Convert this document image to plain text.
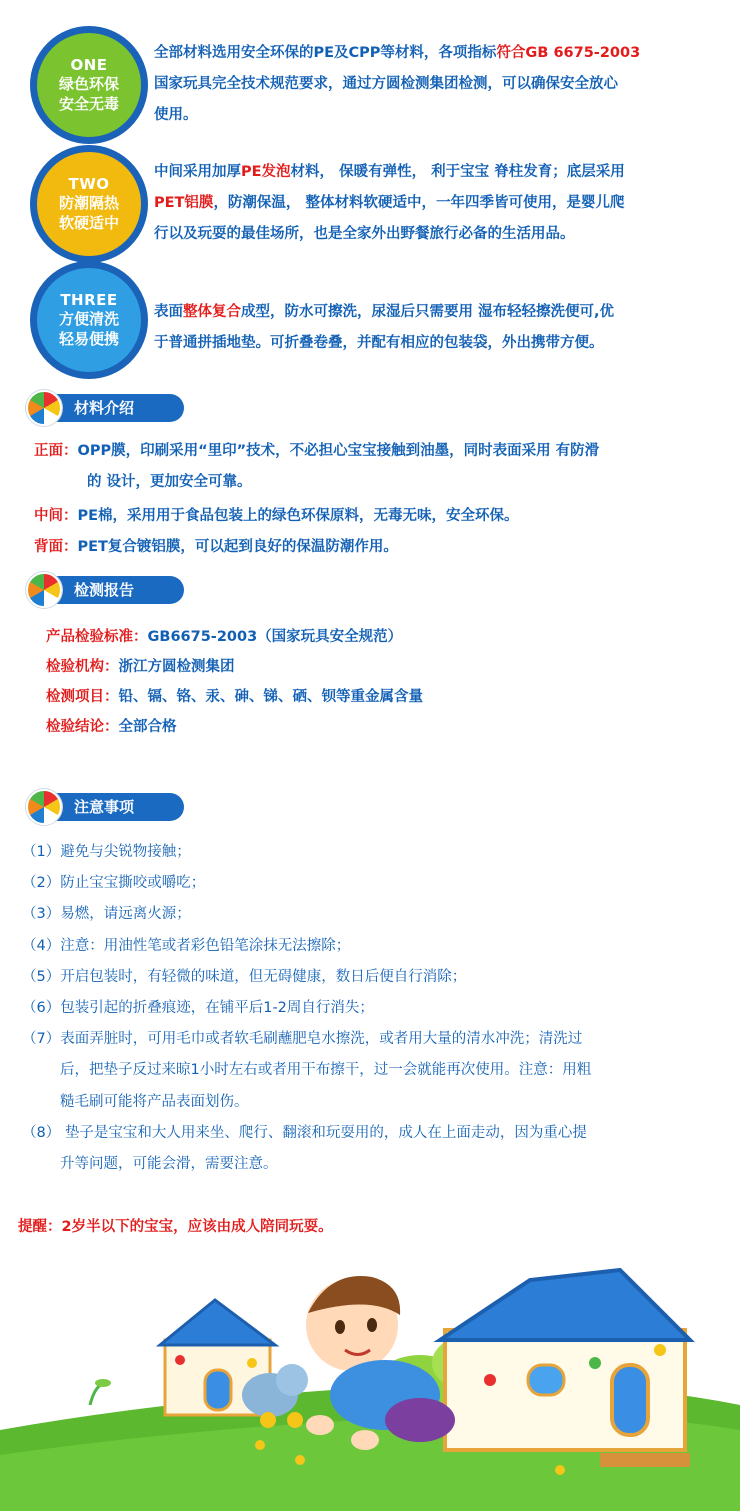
ONE
绿色环保
安全无毒
全部材料选用安全环保的PE及CPP等材料，各项指标符合GB 6675-2003
国家玩具完全技术规范要求，通过方圆检测集团检测，可以确保安全放心
使用。
TWO
防潮隔热
软硬适中
中间采用加厚PE发泡材料， 保暖有弹性， 利于宝宝 脊柱发育；底层采用
PET铝膜，防潮保温， 整体材料软硬适中，一年四季皆可使用，是婴儿爬
行以及玩耍的最佳场所，也是全家外出野餐旅行必备的生活用品。
THREE
方便清洗
轻易便携
表面整体复合成型，防水可擦洗，尿湿后只需要用 湿布轻轻擦洗便可,优
于普通拼插地垫。可折叠卷叠，并配有相应的包装袋，外出携带方便。
材料介绍
正面：OPP膜，印刷采用“里印”技术，不必担心宝宝接触到油墨，同时表面采用 有防滑
的 设计，更加安全可靠。
中间：PE棉，采用用于食品包装上的绿色环保原料，无毒无味，安全环保。
背面：PET复合镀铝膜，可以起到良好的保温防潮作用。
检测报告
产品检验标准：GB6675-2003（国家玩具安全规范）
检验机构：浙江方圆检测集团
检测项目：铅、镉、铬、汞、砷、锑、硒、钡等重金属含量
检验结论：全部合格
注意事项
（1）避免与尖锐物接触；
（2）防止宝宝撕咬或嚼吃；
（3）易燃，请远离火源；
（4）注意：用油性笔或者彩色铅笔涂抹无法擦除；
（5）开启包装时，有轻微的味道，但无碍健康，数日后便自行消除；
（6）包装引起的折叠痕迹，在铺平后1-2周自行消失；
（7）表面弄脏时，可用毛巾或者软毛刷蘸肥皂水擦洗，或者用大量的清水冲洗；清洗过
后，把垫子反过来晾1小时左右或者用干布擦干，过一会就能再次使用。注意：用粗
糙毛刷可能将产品表面划伤。
（8） 垫子是宝宝和大人用来坐、爬行、翻滚和玩耍用的，成人在上面走动，因为重心提
升等问题，可能会滑，需要注意。
提醒：2岁半以下的宝宝，应该由成人陪同玩耍。
